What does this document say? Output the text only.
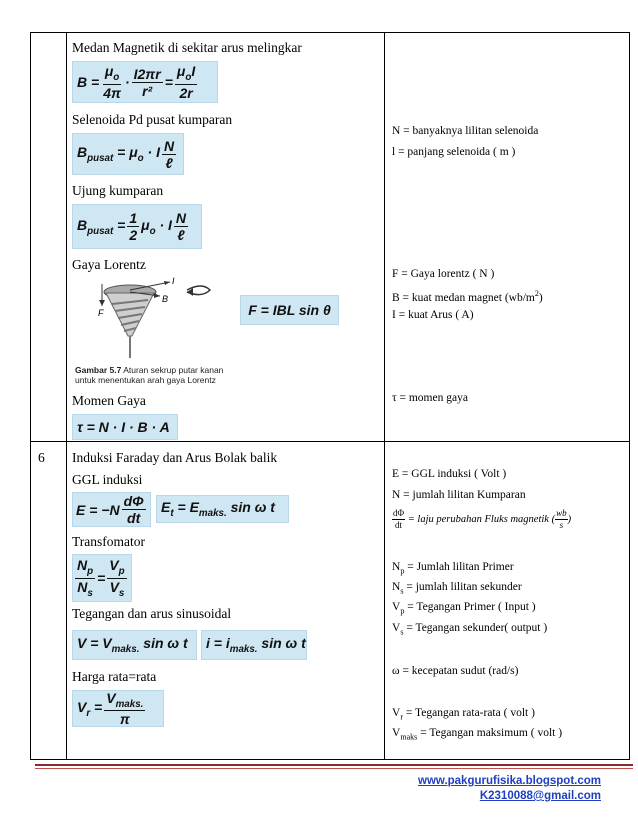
Medan Magnetik di sekitar arus melingkar
$B = \frac{\mu_o}{4\pi} \cdot \frac{I2\pi r}{\text{r²}} = \frac{\mu_oI}{2r}$
Selenoida Pd pusat kumparan
$B_{pusat} = \mu_o \cdot I \frac{N}{\text{ℓ}}$
Ujung kumparan
$B_{pusat} = \frac{1}{2} \mu_o \cdot I \frac{N}{\text{ℓ}}$
Gaya Lorentz
I
B
F
Gambar 5.7 Aturan sekrup putar kanan
untuk menentukan arah gaya Lorentz
F = IBL sin θ
Momen Gaya
τ = N · I · B · A
N = banyaknya lilitan selenoida
l = panjang selenoida ( m )
F = Gaya lorentz ( N )
B = kuat medan magnet $(wb/m^2)$
I = kuat Arus ( A)
τ = momen gaya
6 Induksi Faraday dan Arus Bolak balik
GGL induksi
$E = -N \frac{d\Phi}{dt} E_t = E_{maks.}$ sin ω t
Transfomator
$\frac{N_p}{N_s} = \frac{V_p}{V_s}$
Tegangan dan arus sinusoidal
$V = V_{maks.}$ sin ω t $i = i_{maks.}$ sin ω t
Harga rata=rata
$V_r = \frac{V_{maks.}}{\pi}$
E = GGL induksi ( Volt )
N = jumlah lilitan Kumparan
$\frac{d\Phi}{dt}$ = laju perubahan Fluks magnetik ( $\frac{wb}{s}$ )
$N_p$ = Jumlah lilitan Primer
$N_s$ = jumlah lilitan sekunder
$V_p$ = Tegangan Primer ( Input )
$V_s$ = Tegangan sekunder( output )
ω = kecepatan sudut (rad/s)
$V_r$ = Tegangan rata-rata ( volt )
$V_{maks}$ = Tegangan maksimum ( volt )
www.pakgurufisika.blogspot.com
K2310088@gmail.com
